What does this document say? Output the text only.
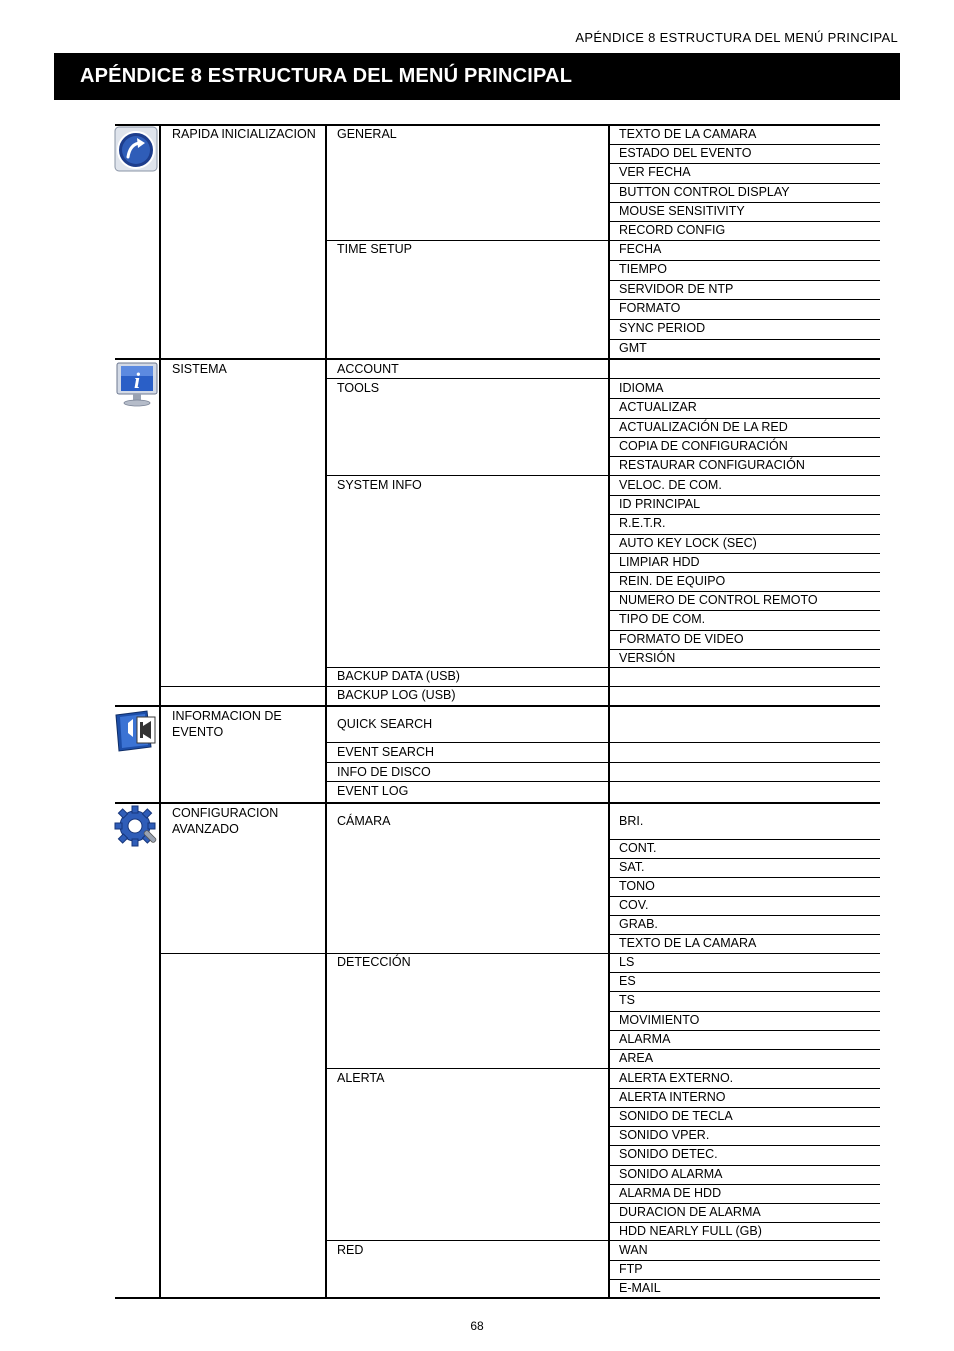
APÉNDICE 8 ESTRUCTURA DEL MENÚ PRINCIPAL
APÉNDICE 8 ESTRUCTURA DEL MENÚ PRINCIPAL
i
RAPIDA INICIALIZACION
SISTEMA
INFORMACION DE
EVENTO
CONFIGURACION
AVANZADO
GENERAL
TIME SETUP
ACCOUNT
TOOLS
SYSTEM INFO
BACKUP DATA (USB)
BACKUP LOG (USB)
QUICK SEARCH
EVENT SEARCH
INFO DE DISCO
EVENT LOG
CÁMARA
DETECCIÓN
ALERTA
RED
TEXTO DE LA CAMARA
ESTADO DEL EVENTO
VER FECHA
BUTTON CONTROL DISPLAY
MOUSE SENSITIVITY
RECORD CONFIG
FECHA
TIEMPO
SERVIDOR DE NTP
FORMATO
SYNC PERIOD
GMT
IDIOMA
ACTUALIZAR
ACTUALIZACIÓN DE LA RED
COPIA DE CONFIGURACIÓN
RESTAURAR CONFIGURACIÓN
VELOC. DE COM.
ID PRINCIPAL
R.E.T.R.
AUTO KEY LOCK (SEC)
LIMPIAR HDD
REIN. DE EQUIPO
NUMERO DE CONTROL REMOTO
TIPO DE COM.
FORMATO DE VIDEO
VERSIÓN
BRI.
CONT.
SAT.
TONO
COV.
GRAB.
TEXTO DE LA CAMARA
LS
ES
TS
MOVIMIENTO
ALARMA
AREA
ALERTA EXTERNO.
ALERTA INTERNO
SONIDO DE TECLA
SONIDO VPER.
SONIDO DETEC.
SONIDO ALARMA
ALARMA DE HDD
DURACION DE ALARMA
HDD NEARLY FULL (GB)
WAN
FTP
E-MAIL
68
